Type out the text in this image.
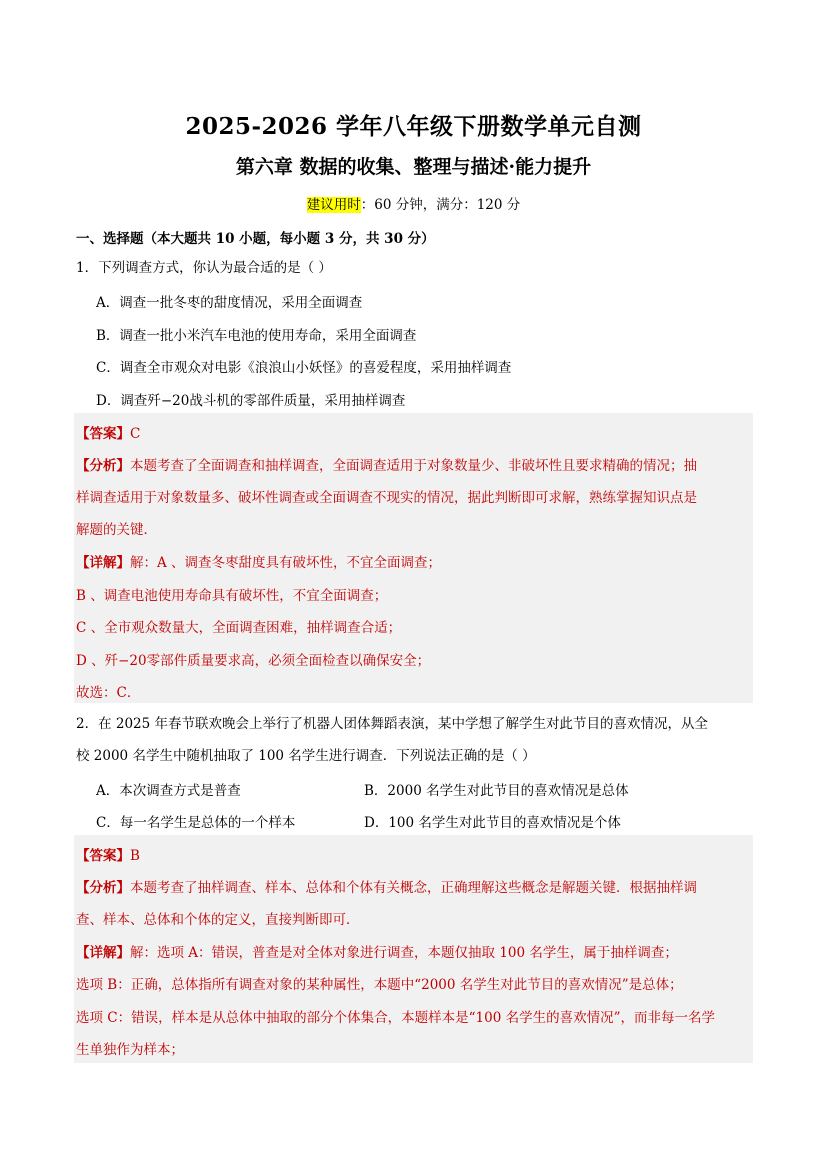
2025-2026 学年八年级下册数学单元自测
第六章 数据的收集、整理与描述·能力提升
建议用时：60 分钟，满分：120 分
一、选择题（本大题共 10 小题，每小题 3 分，共 30 分）
1．下列调查方式，你认为最合适的是（ ）
A．调查一批冬枣的甜度情况，采用全面调查
B．调查一批小米汽车电池的使用寿命，采用全面调查
C．调查全市观众对电影《浪浪山小妖怪》的喜爱程度，采用抽样调查
D．调查歼−20战斗机的零部件质量，采用抽样调查
【答案】C
【分析】本题考查了全面调查和抽样调查，全面调查适用于对象数量少、非破坏性且要求精确的情况；抽
样调查适用于对象数量多、破坏性调查或全面调查不现实的情况，据此判断即可求解，熟练掌握知识点是
解题的关键．
【详解】解：A 、调查冬枣甜度具有破坏性，不宜全面调查；
B 、调查电池使用寿命具有破坏性，不宜全面调查；
C 、全市观众数量大，全面调查困难，抽样调查合适；
D 、歼−20零部件质量要求高，必须全面检查以确保安全；
故选：C．
2．在 2025 年春节联欢晚会上举行了机器人团体舞蹈表演，某中学想了解学生对此节目的喜欢情况，从全
校 2000 名学生中随机抽取了 100 名学生进行调查．下列说法正确的是（ ）
A．本次调查方式是普查	B．2000 名学生对此节目的喜欢情况是总体
C．每一名学生是总体的一个样本	D．100 名学生对此节目的喜欢情况是个体
【答案】B
【分析】本题考查了抽样调查、样本、总体和个体有关概念，正确理解这些概念是解题关键．根据抽样调
查、样本、总体和个体的定义，直接判断即可．
【详解】解：选项 A：错误，普查是对全体对象进行调查，本题仅抽取 100 名学生，属于抽样调查；
选项 B：正确，总体指所有调查对象的某种属性，本题中“2000 名学生对此节目的喜欢情况”是总体；
选项 C：错误，样本是从总体中抽取的部分个体集合，本题样本是“100 名学生的喜欢情况”，而非每一名学
生单独作为样本；
